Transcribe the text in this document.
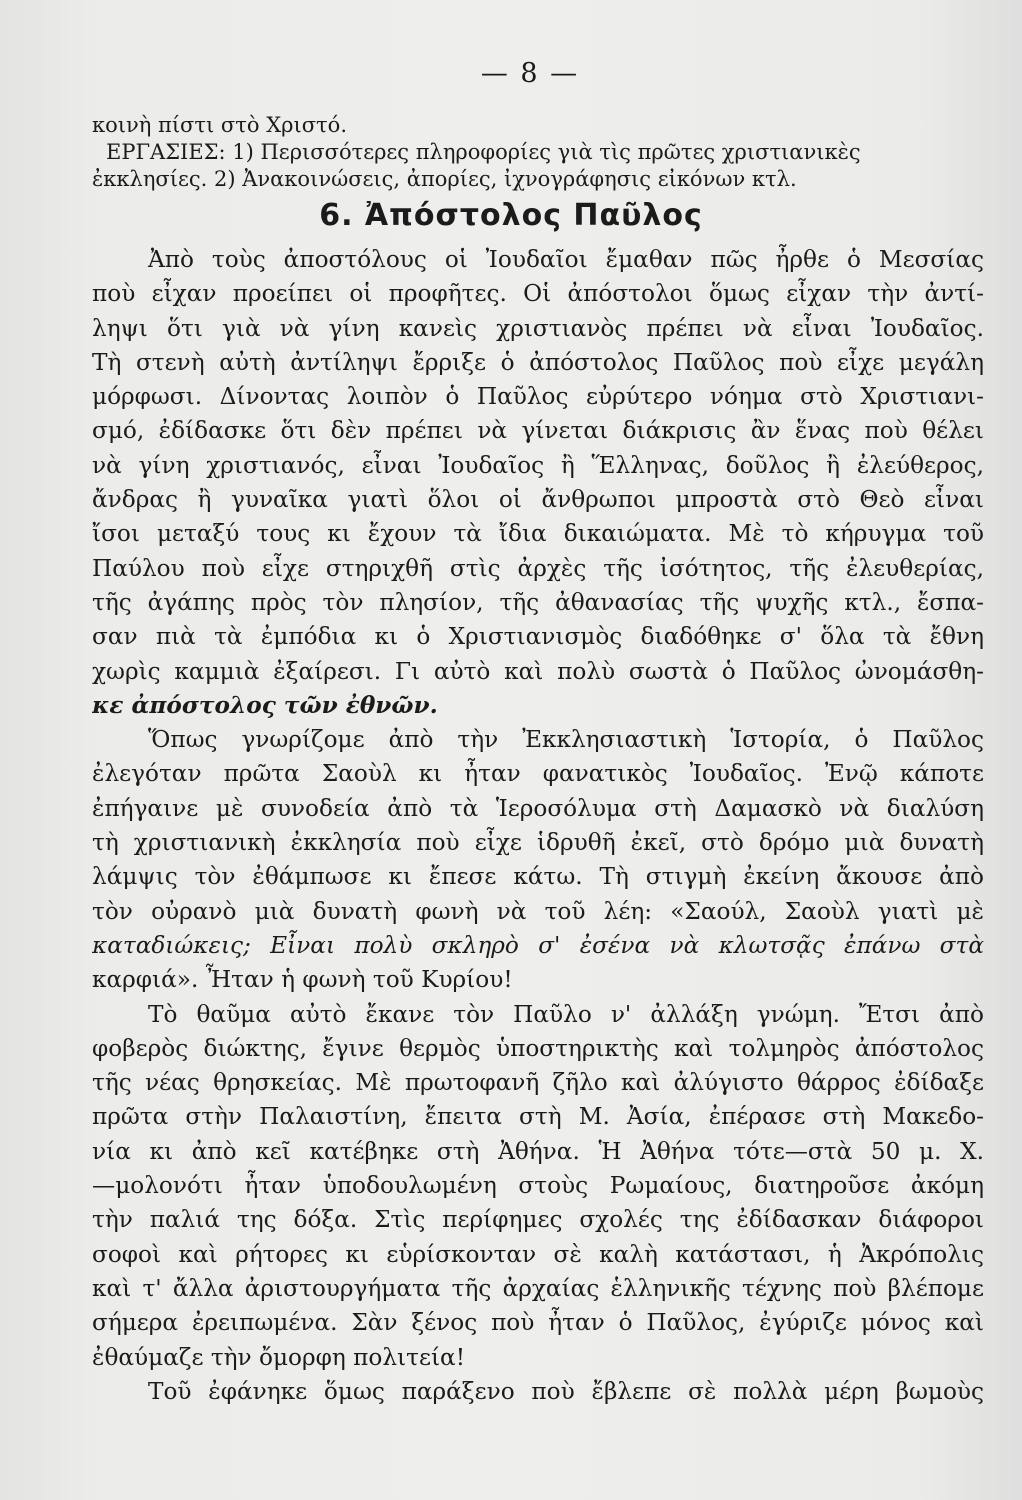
— 8 —
κοινὴ πίστι στὸ Χριστό.
ΕΡΓΑΣΙΕΣ: 1) Περισσότερες πληροφορίες γιὰ τὶς πρῶτες χριστιανικὲς
ἐκκλησίες. 2) Ἀνακοινώσεις, ἀπορίες, ἰχνογράφησις εἰκόνων κτλ.
6. Ἀπόστολος Παῦλος
Ἀπὸ τοὺς ἀποστόλους οἱ Ἰουδαῖοι ἔμαθαν πῶς ἦρθε ὁ Μεσσίας
ποὺ εἶχαν προείπει οἱ προφῆτες. Οἱ ἀπόστολοι ὅμως εἶχαν τὴν ἀντί-
ληψι ὅτι γιὰ νὰ γίνη κανεὶς χριστιανὸς πρέπει νὰ εἶναι Ἰουδαῖος.
Τὴ στενὴ αὐτὴ ἀντίληψι ἔρριξε ὁ ἀπόστολος Παῦλος ποὺ εἶχε μεγάλη
μόρφωσι. Δίνοντας λοιπὸν ὁ Παῦλος εὐρύτερο νόημα στὸ Χριστιανι-
σμό, ἐδίδασκε ὅτι δὲν πρέπει νὰ γίνεται διάκρισις ἂν ἕνας ποὺ θέλει
νὰ γίνη χριστιανός, εἶναι Ἰουδαῖος ἢ Ἕλληνας, δοῦλος ἢ ἐλεύθερος,
ἄνδρας ἢ γυναῖκα γιατὶ ὅλοι οἱ ἄνθρωποι μπροστὰ στὸ Θεὸ εἶναι
ἴσοι μεταξύ τους κι ἔχουν τὰ ἴδια δικαιώματα. Μὲ τὸ κήρυγμα τοῦ
Παύλου ποὺ εἶχε στηριχθῆ στὶς ἀρχὲς τῆς ἰσότητος, τῆς ἐλευθερίας,
τῆς ἀγάπης πρὸς τὸν πλησίον, τῆς ἀθανασίας τῆς ψυχῆς κτλ., ἔσπα-
σαν πιὰ τὰ ἐμπόδια κι ὁ Χριστιανισμὸς διαδόθηκε σ' ὅλα τὰ ἔθνη
χωρὶς καμμιὰ ἐξαίρεσι. Γι αὐτὸ καὶ πολὺ σωστὰ ὁ Παῦλος ὠνομάσθη-
κε ἀπόστολος τῶν ἐθνῶν.
Ὅπως γνωρίζομε ἀπὸ τὴν Ἐκκλησιαστικὴ Ἱστορία, ὁ Παῦλος
ἐλεγόταν πρῶτα Σαοὺλ κι ἦταν φανατικὸς Ἰουδαῖος. Ἐνῷ κάποτε
ἐπήγαινε μὲ συνοδεία ἀπὸ τὰ Ἱεροσόλυμα στὴ Δαμασκὸ νὰ διαλύση
τὴ χριστιανικὴ ἐκκλησία ποὺ εἶχε ἱδρυθῆ ἐκεῖ, στὸ δρόμο μιὰ δυνατὴ
λάμψις τὸν ἐθάμπωσε κι ἔπεσε κάτω. Τὴ στιγμὴ ἐκείνη ἄκουσε ἀπὸ
τὸν οὐρανὸ μιὰ δυνατὴ φωνὴ νὰ τοῦ λέη: «Σαούλ, Σαοὺλ γιατὶ μὲ
καταδιώκεις; Εἶναι πολὺ σκληρὸ σ' ἐσένα νὰ κλωτσᾷς ἐπάνω στὰ
καρφιά». Ἦταν ἡ φωνὴ τοῦ Κυρίου!
Τὸ θαῦμα αὐτὸ ἔκανε τὸν Παῦλο ν' ἀλλάξη γνώμη. Ἔτσι ἀπὸ
φοβερὸς διώκτης, ἔγινε θερμὸς ὑποστηρικτὴς καὶ τολμηρὸς ἀπόστολος
τῆς νέας θρησκείας. Μὲ πρωτοφανῆ ζῆλο καὶ ἀλύγιστο θάρρος ἐδίδαξε
πρῶτα στὴν Παλαιστίνη, ἔπειτα στὴ Μ. Ἀσία, ἐπέρασε στὴ Μακεδο-
νία κι ἀπὸ κεῖ κατέβηκε στὴ Ἀθήνα. Ἡ Ἀθήνα τότε—στὰ 50 μ. Χ.
—μολονότι ἦταν ὑποδουλωμένη στοὺς Ρωμαίους, διατηροῦσε ἀκόμη
τὴν παλιά της δόξα. Στὶς περίφημες σχολές της ἐδίδασκαν διάφοροι
σοφοὶ καὶ ρήτορες κι εὑρίσκονταν σὲ καλὴ κατάστασι, ἡ Ἀκρόπολις
καὶ τ' ἄλλα ἀριστουργήματα τῆς ἀρχαίας ἑλληνικῆς τέχνης ποὺ βλέπομε
σήμερα ἐρειπωμένα. Σὰν ξένος ποὺ ἦταν ὁ Παῦλος, ἐγύριζε μόνος καὶ
ἐθαύμαζε τὴν ὄμορφη πολιτεία!
Τοῦ ἐφάνηκε ὅμως παράξενο ποὺ ἔβλεπε σὲ πολλὰ μέρη βωμοὺς
